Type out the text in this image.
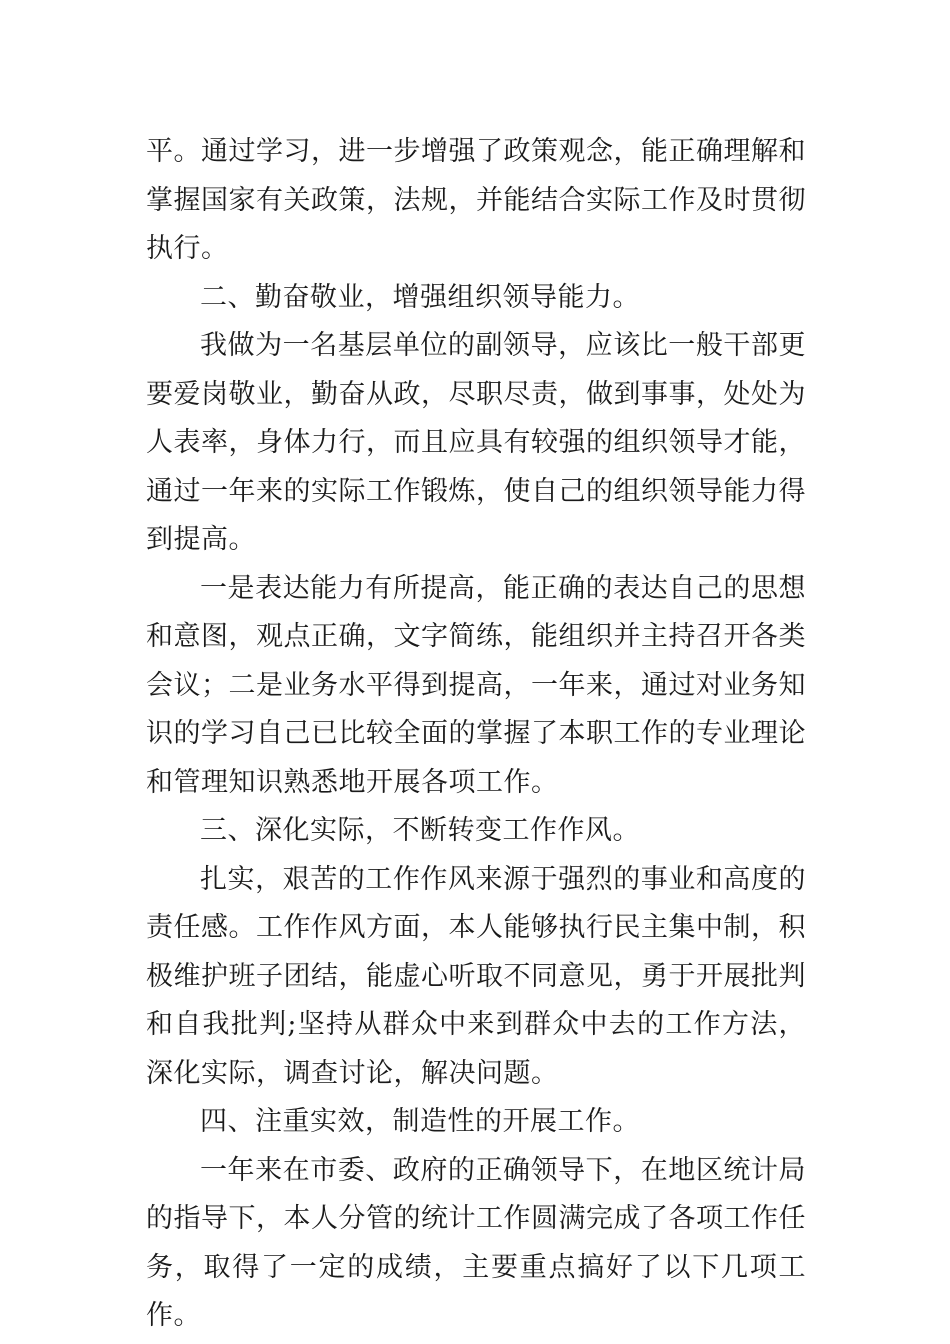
平。通过学习，进一步增强了政策观念，能正确理解和掌握国家有关政策，法规，并能结合实际工作及时贯彻执行。

二、勤奋敬业，增强组织领导能力。

我做为一名基层单位的副领导，应该比一般干部更要爱岗敬业，勤奋从政，尽职尽责，做到事事，处处为人表率，身体力行，而且应具有较强的组织领导才能，通过一年来的实际工作锻炼，使自己的组织领导能力得到提高。

一是表达能力有所提高，能正确的表达自己的思想和意图，观点正确，文字简练，能组织并主持召开各类会议；二是业务水平得到提高，一年来，通过对业务知识的学习自己已比较全面的掌握了本职工作的专业理论和管理知识熟悉地开展各项工作。

三、深化实际，不断转变工作作风。

扎实，艰苦的工作作风来源于强烈的事业和高度的责任感。工作作风方面，本人能够执行民主集中制，积极维护班子团结，能虚心听取不同意见，勇于开展批判和自我批判;坚持从群众中来到群众中去的工作方法，深化实际，调查讨论，解决问题。

四、注重实效，制造性的开展工作。

一年来在市委、政府的正确领导下，在地区统计局的指导下，本人分管的统计工作圆满完成了各项工作任务，取得了一定的成绩，主要重点搞好了以下几项工作。
